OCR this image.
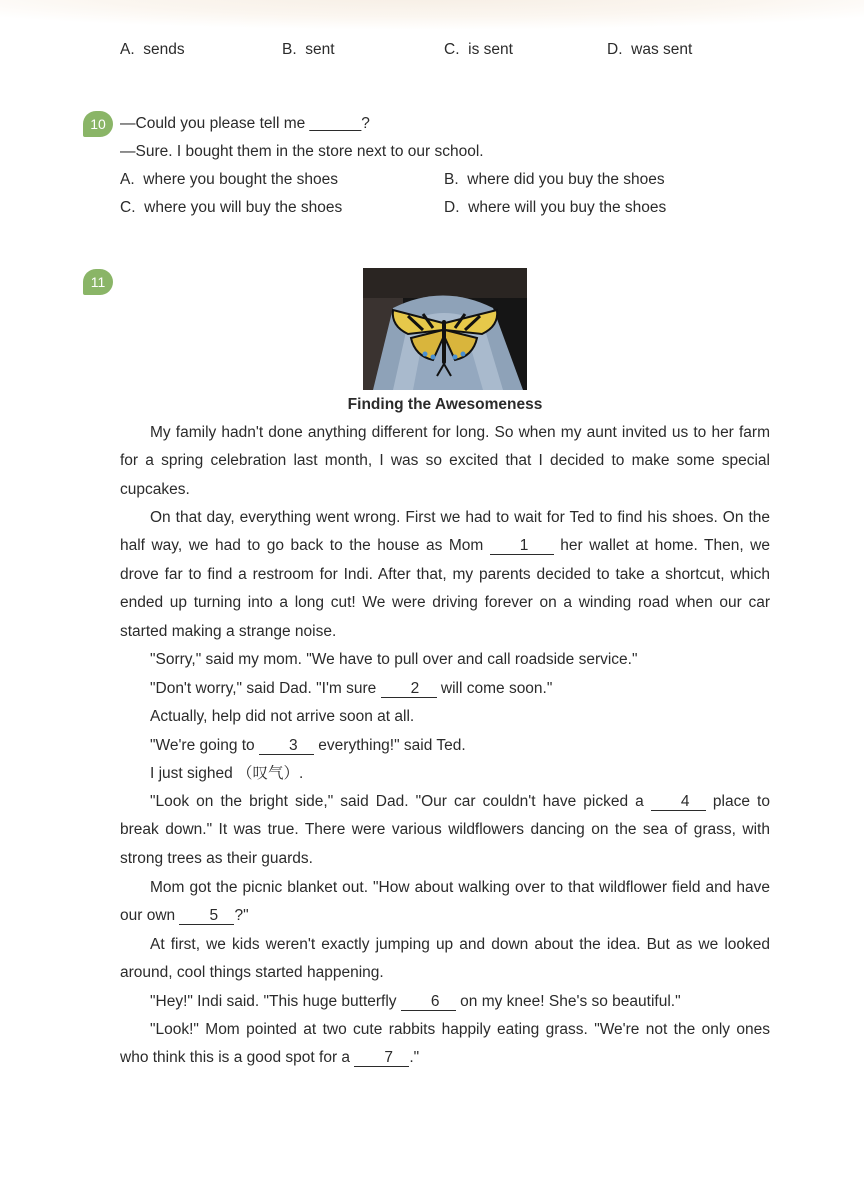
A. sends	B. sent	C. is sent	D. was sent
10 —Could you please tell me ______?
—Sure. I bought them in the store next to our school.
A. where you bought the shoes	B. where did you buy the shoes
C. where you will buy the shoes	D. where will you buy the shoes
11
Finding the Awesomeness
My family hadn't done anything different for long. So when my aunt invited us to her farm for a spring celebration last month, I was so excited that I decided to make some special cupcakes.
On that day, everything went wrong. First we had to wait for Ted to find his shoes. On the half way, we had to go back to the house as Mom 1 her wallet at home. Then, we drove far to find a restroom for Indi. After that, my parents decided to take a shortcut, which ended up turning into a long cut! We were driving forever on a winding road when our car started making a strange noise.
"Sorry," said my mom. "We have to pull over and call roadside service."
"Don't worry," said Dad. "I'm sure 2 will come soon."
Actually, help did not arrive soon at all.
"We're going to 3 everything!" said Ted.
I just sighed （叹气）.
"Look on the bright side," said Dad. "Our car couldn't have picked a 4 place to break down." It was true. There were various wildflowers dancing on the sea of grass, with strong trees as their guards.
Mom got the picnic blanket out. "How about walking over to that wildflower field and have our own 5 ?"
At first, we kids weren't exactly jumping up and down about the idea. But as we looked around, cool things started happening.
"Hey!" Indi said. "This huge butterfly 6 on my knee! She's so beautiful."
"Look!" Mom pointed at two cute rabbits happily eating grass. "We're not the only ones who think this is a good spot for a 7 ."
